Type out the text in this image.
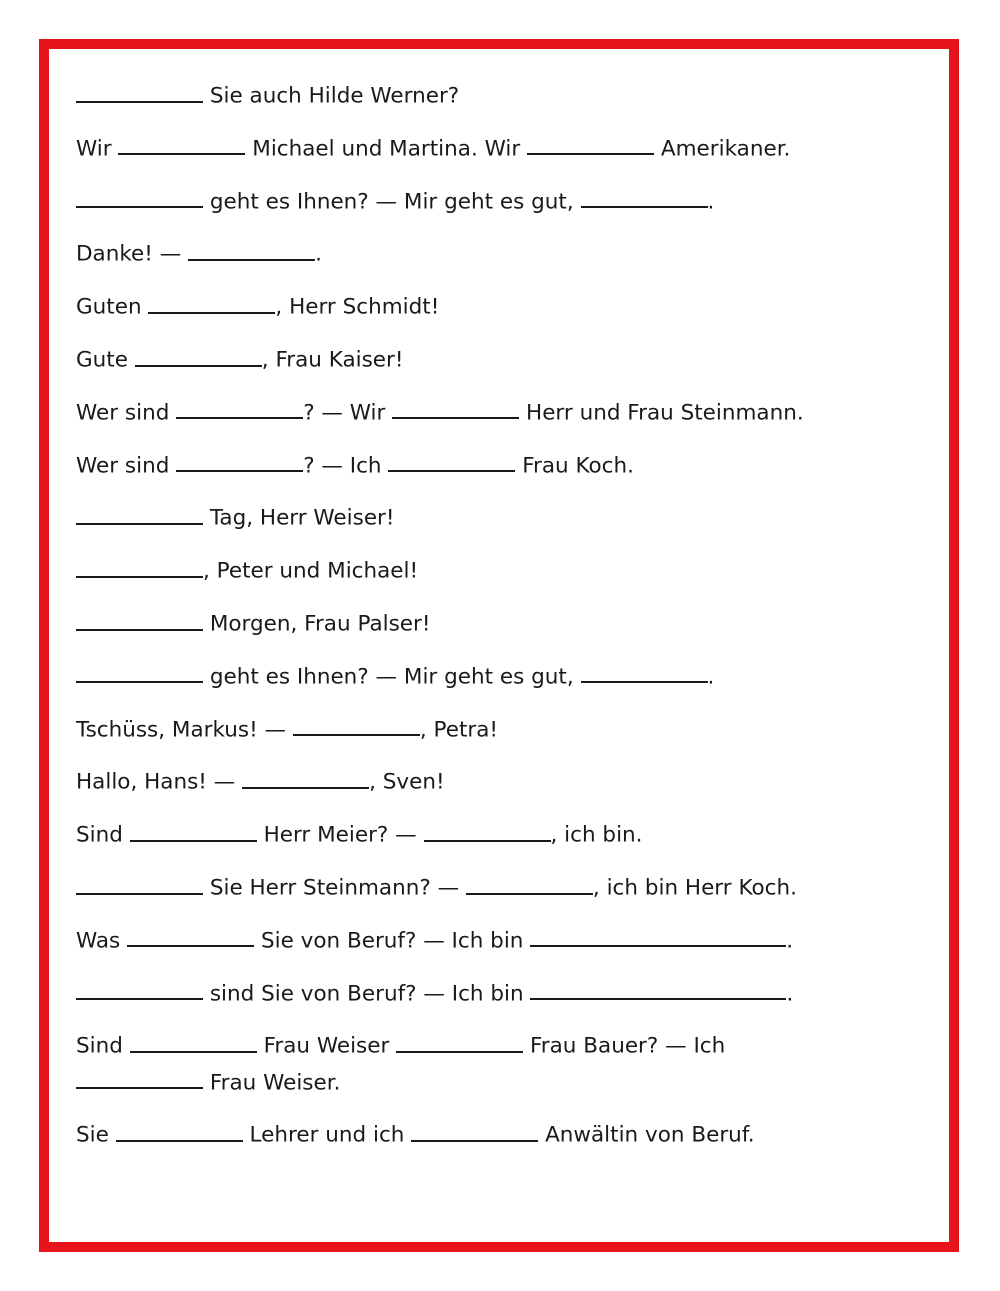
Sie auch Hilde Werner?
Wir	Michael und Martina. Wir	Amerikaner.
geht es Ihnen? — Mir geht es gut,	.
Danke! —	.
Guten	, Herr Schmidt!
Gute	, Frau Kaiser!
Wer sind	? — Wir	Herr und Frau Steinmann.
Wer sind	? — Ich	Frau Koch.
Tag, Herr Weiser!
, Peter und Michael!
Morgen, Frau Palser!
geht es Ihnen? — Mir geht es gut,	.
Tschüss, Markus! —	, Petra!
Hallo, Hans! —	, Sven!
Sind	Herr Meier? —	, ich bin.
Sie Herr Steinmann? —	, ich bin Herr Koch.
Was	Sie von Beruf? — Ich bin	.
sind Sie von Beruf? — Ich bin	.
Sind	Frau Weiser	Frau Bauer? — Ich
Frau Weiser.
Sie	Lehrer und ich	Anwältin von Beruf.
